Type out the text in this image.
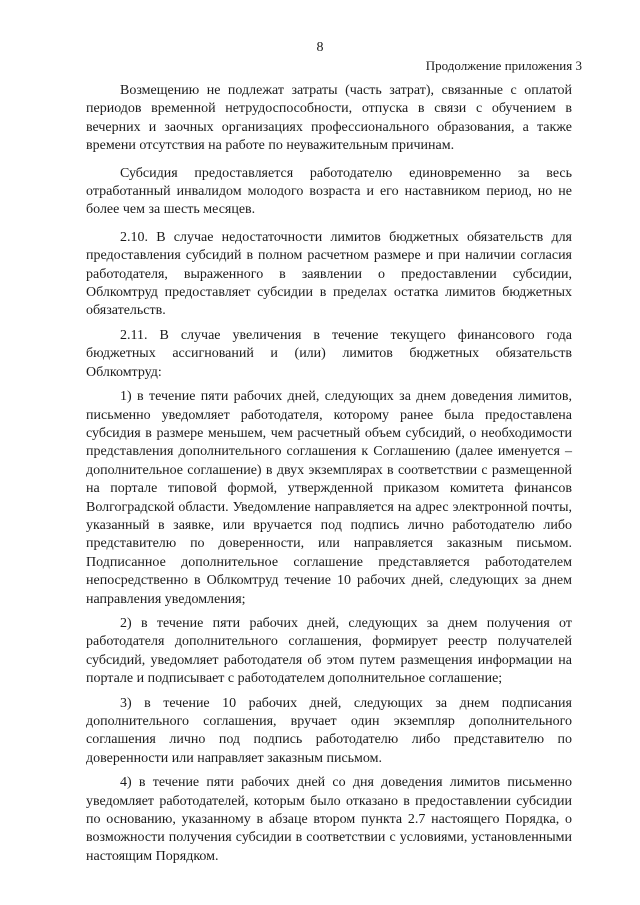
8
Продолжение приложения 3

Возмещению не подлежат затраты (часть затрат), связанные с оплатой периодов временной нетрудоспособности, отпуска в связи с обучением в вечерних и заочных организациях профессионального образования, а также времени отсутствия на работе по неуважительным причинам.

Субсидия предоставляется работодателю единовременно за весь отработанный инвалидом молодого возраста и его наставником период, но не более чем за шесть месяцев.

2.10. В случае недостаточности лимитов бюджетных обязательств для предоставления субсидий в полном расчетном размере и при наличии согласия работодателя, выраженного в заявлении о предоставлении субсидии, Облкомтруд предоставляет субсидии в пределах остатка лимитов бюджетных обязательств.

2.11. В случае увеличения в течение текущего финансового года бюджетных ассигнований и (или) лимитов бюджетных обязательств Облкомтруд:

1) в течение пяти рабочих дней, следующих за днем доведения лимитов, письменно уведомляет работодателя, которому ранее была предоставлена субсидия в размере меньшем, чем расчетный объем субсидий, о необходимости представления дополнительного соглашения к Соглашению (далее именуется – дополнительное соглашение) в двух экземплярах в соответствии с размещенной на портале типовой формой, утвержденной приказом комитета финансов Волгоградской области. Уведомление направляется на адрес электронной почты, указанный в заявке, или вручается под подпись лично работодателю либо представителю по доверенности, или направляется заказным письмом. Подписанное дополнительное соглашение представляется работодателем непосредственно в Облкомтруд течение 10 рабочих дней, следующих за днем направления уведомления;

2) в течение пяти рабочих дней, следующих за днем получения от работодателя дополнительного соглашения, формирует реестр получателей субсидий, уведомляет работодателя об этом путем размещения информации на портале и подписывает с работодателем дополнительное соглашение;

3) в течение 10 рабочих дней, следующих за днем подписания дополнительного соглашения, вручает один экземпляр дополнительного соглашения лично под подпись работодателю либо представителю по доверенности или направляет заказным письмом.

4) в течение пяти рабочих дней со дня доведения лимитов письменно уведомляет работодателей, которым было отказано в предоставлении субсидии по основанию, указанному в абзаце втором пункта 2.7 настоящего Порядка, о возможности получения субсидии в соответствии с условиями, установленными настоящим Порядком.
